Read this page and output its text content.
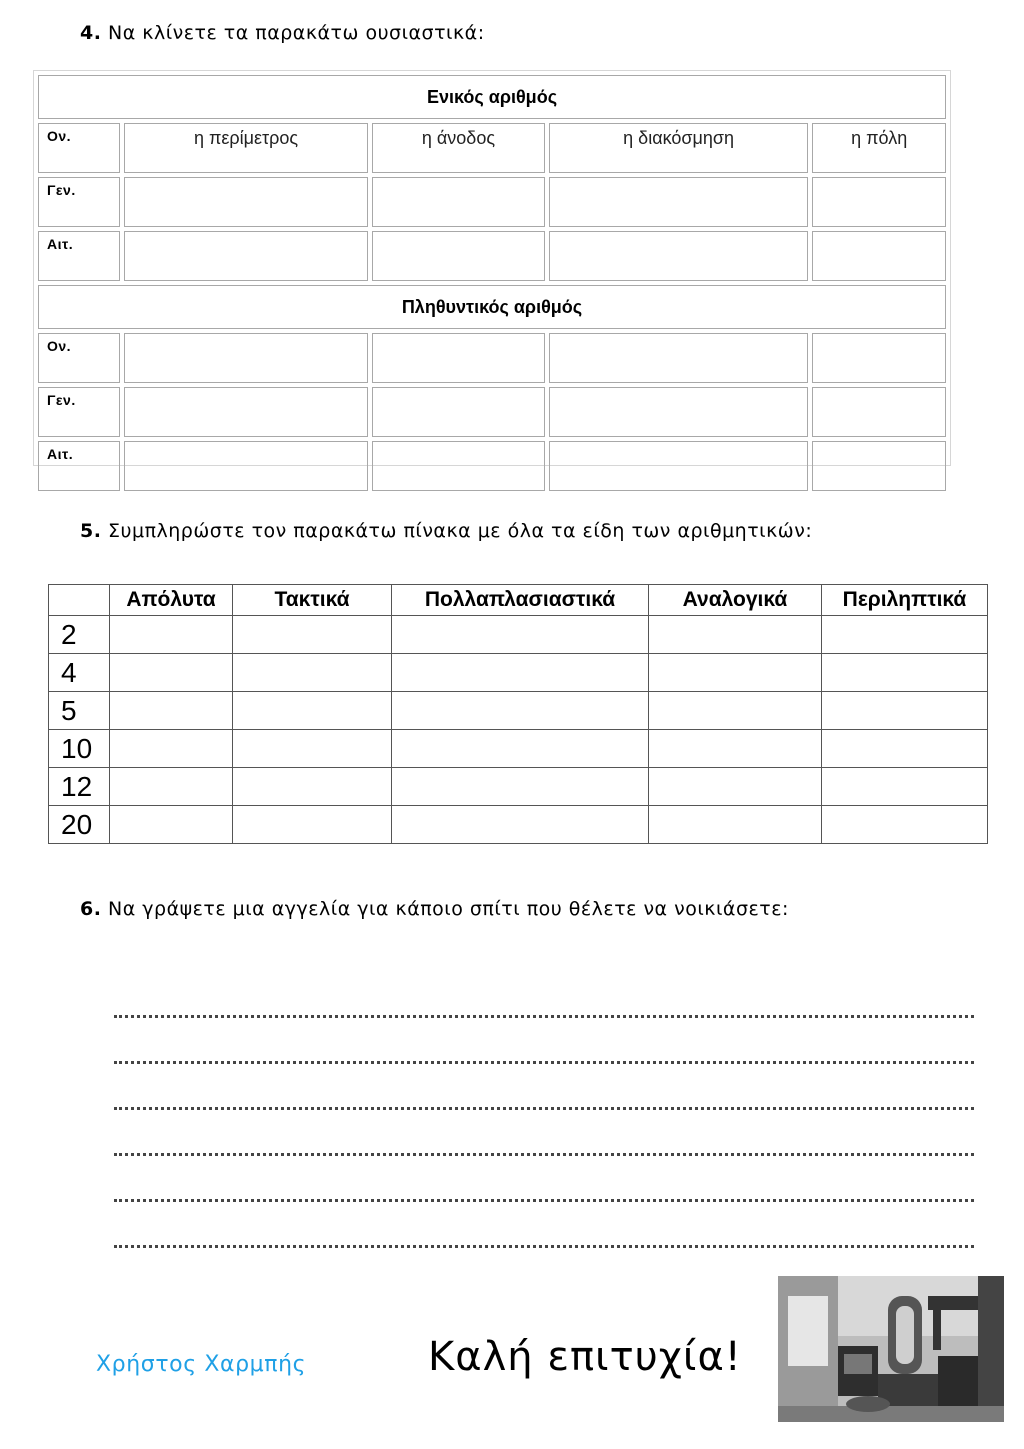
4. Να κλίνετε τα παρακάτω ουσιαστικά:
Ενικός αριθμός				
Ον.	η περίμετρος	η άνοδος	η διακόσμηση	η πόλη
Γεν.				
Αιτ.				
Πληθυντικός αριθμός				
Ον.				
Γεν.				
Αιτ.				
5. Συμπληρώστε τον παρακάτω πίνακα με όλα τα είδη των αριθμητικών:
	Απόλυτα	Τακτικά	Πολλαπλασιαστικά	Αναλογικά	Περιληπτικά
2					
4					
5					
10					
12					
20					
6. Να γράψετε μια αγγελία για κάποιο σπίτι που θέλετε να νοικιάσετε:
Χρήστος Χαρμπής	Καλή επιτυχία!
